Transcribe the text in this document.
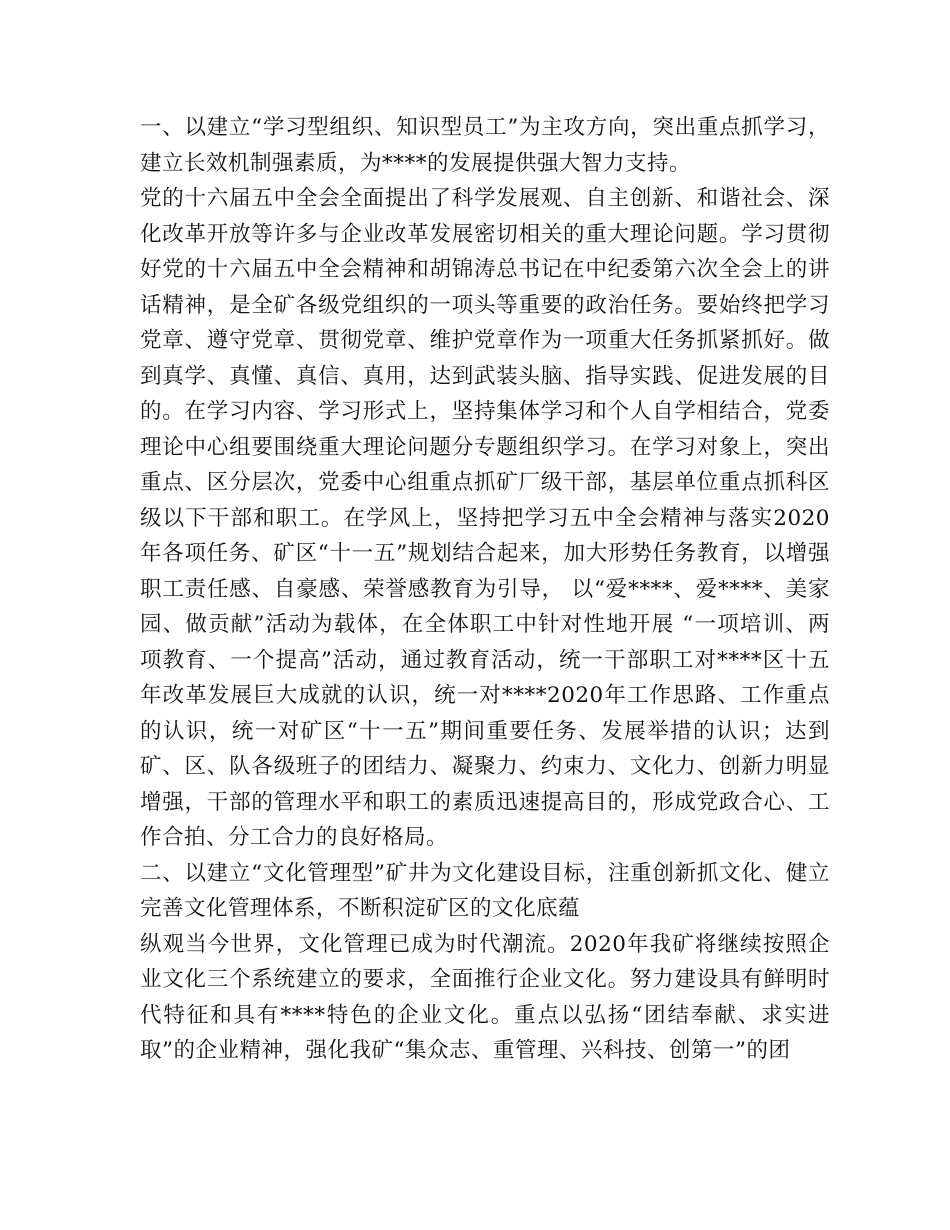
一、以建立“学习型组织、知识型员工”为主攻方向，突出重点抓学习，建立长效机制强素质，为****的发展提供强大智力支持。

党的十六届五中全会全面提出了科学发展观、自主创新、和谐社会、深化改革开放等许多与企业改革发展密切相关的重大理论问题。学习贯彻好党的十六届五中全会精神和胡锦涛总书记在中纪委第六次全会上的讲话精神，是全矿各级党组织的一项头等重要的政治任务。要始终把学习党章、遵守党章、贯彻党章、维护党章作为一项重大任务抓紧抓好。做到真学、真懂、真信、真用，达到武装头脑、指导实践、促进发展的目的。在学习内容、学习形式上，坚持集体学习和个人自学相结合，党委理论中心组要围绕重大理论问题分专题组织学习。在学习对象上，突出重点、区分层次，党委中心组重点抓矿厂级干部，基层单位重点抓科区级以下干部和职工。在学风上，坚持把学习五中全会精神与落实2020年各项任务、矿区“十一五”规划结合起来，加大形势任务教育，以增强职工责任感、自豪感、荣誉感教育为引导， 以“爱****、爱****、美家园、做贡献”活动为载体，在全体职工中针对性地开展 “一项培训、两项教育、一个提高”活动，通过教育活动，统一干部职工对****区十五年改革发展巨大成就的认识，统一对****2020年工作思路、工作重点的认识，统一对矿区“十一五”期间重要任务、发展举措的认识；达到矿、区、队各级班子的团结力、凝聚力、约束力、文化力、创新力明显增强，干部的管理水平和职工的素质迅速提高目的，形成党政合心、工作合拍、分工合力的良好格局。

二、以建立“文化管理型”矿井为文化建设目标，注重创新抓文化、健立完善文化管理体系，不断积淀矿区的文化底蕴

纵观当今世界，文化管理已成为时代潮流。2020年我矿将继续按照企业文化三个系统建立的要求，全面推行企业文化。努力建设具有鲜明时代特征和具有****特色的企业文化。重点以弘扬“团结奉献、求实进取”的企业精神，强化我矿“集众志、重管理、兴科技、创第一”的团
